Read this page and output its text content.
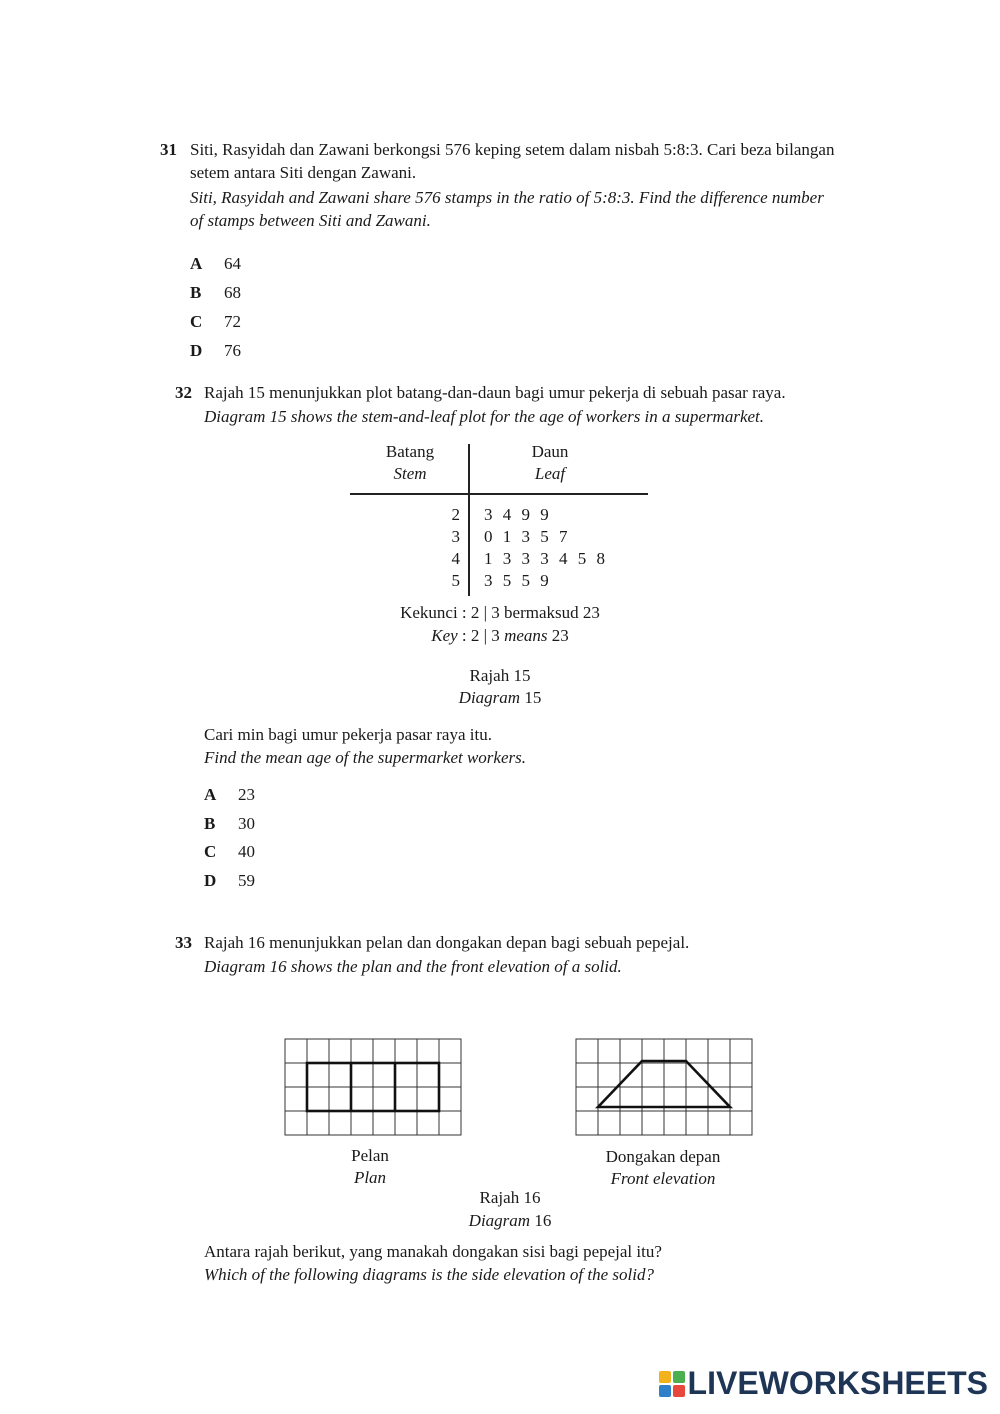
31 Siti, Rasyidah dan Zawani berkongsi 576 keping setem dalam nisbah 5:8:3. Cari beza bilangan
setem antara Siti dengan Zawani.
Siti, Rasyidah and Zawani share 576 stamps in the ratio of 5:8:3. Find the difference number
of stamps between Siti and Zawani.
A 64
B 68
C 72
D 76
32 Rajah 15 menunjukkan plot batang-dan-daun bagi umur pekerja di sebuah pasar raya.
Diagram 15 shows the stem-and-leaf plot for the age of workers in a supermarket.
Batang
Stem
Daun
Leaf
2 3 4 9 9
3 0 1 3 5 7
4 1 3 3 3 4 5 8
5 3 5 5 9
Kekunci : 2 | 3 bermaksud 23
Key : 2 | 3 means 23
Rajah 15
Diagram 15
Cari min bagi umur pekerja pasar raya itu.
Find the mean age of the supermarket workers.
A 23
B 30
C 40
D 59
33 Rajah 16 menunjukkan pelan dan dongakan depan bagi sebuah pepejal.
Diagram 16 shows the plan and the front elevation of a solid.
Pelan
Plan
Dongakan depan
Front elevation
Rajah 16
Diagram 16
Antara rajah berikut, yang manakah dongakan sisi bagi pepejal itu?
Which of the following diagrams is the side elevation of the solid?
LIVEWORKSHEETS
